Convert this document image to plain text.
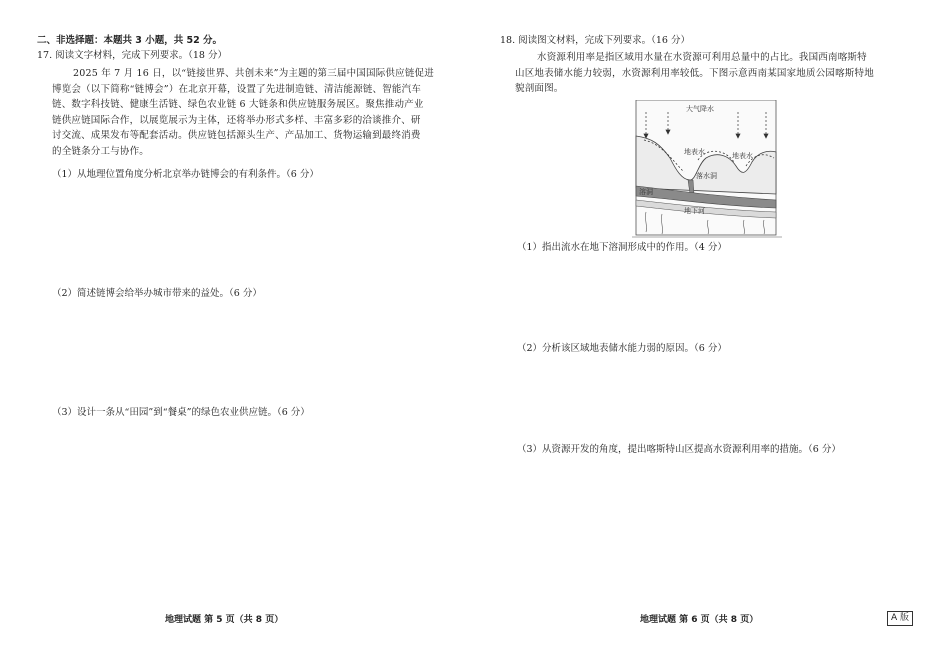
二、非选择题：本题共 3 小题，共 52 分。
17. 阅读文字材料，完成下列要求。（18 分）
2025 年 7 月 16 日，以“链接世界、共创未来”为主题的第三届中国国际供应链促进
博览会（以下简称“链博会”）在北京开幕，设置了先进制造链、清洁能源链、智能汽车
链、数字科技链、健康生活链、绿色农业链 6 大链条和供应链服务展区。聚焦推动产业
链供应链国际合作，以展览展示为主体，还将举办形式多样、丰富多彩的洽谈推介、研
讨交流、成果发布等配套活动。供应链包括源头生产、产品加工、货物运输到最终消费
的全链条分工与协作。
（1）从地理位置角度分析北京举办链博会的有利条件。（6 分）
（2）简述链博会给举办城市带来的益处。（6 分）
（3）设计一条从“田园”到“餐桌”的绿色农业供应链。（6 分）
地理试题 第 5 页（共 8 页）
18. 阅读图文材料，完成下列要求。（16 分）
水资源利用率是指区域用水量在水资源可利用总量中的占比。我国西南喀斯特
山区地表储水能力较弱，水资源利用率较低。下图示意西南某国家地质公园喀斯特地
貌剖面图。
（1）指出流水在地下溶洞形成中的作用。（4 分）
（2）分析该区域地表储水能力弱的原因。（6 分）
（3）从资源开发的角度，提出喀斯特山区提高水资源利用率的措施。（6 分）
地理试题 第 6 页（共 8 页）	A 版
大气降水
地表水	地表水
落水洞
溶洞
地下河
